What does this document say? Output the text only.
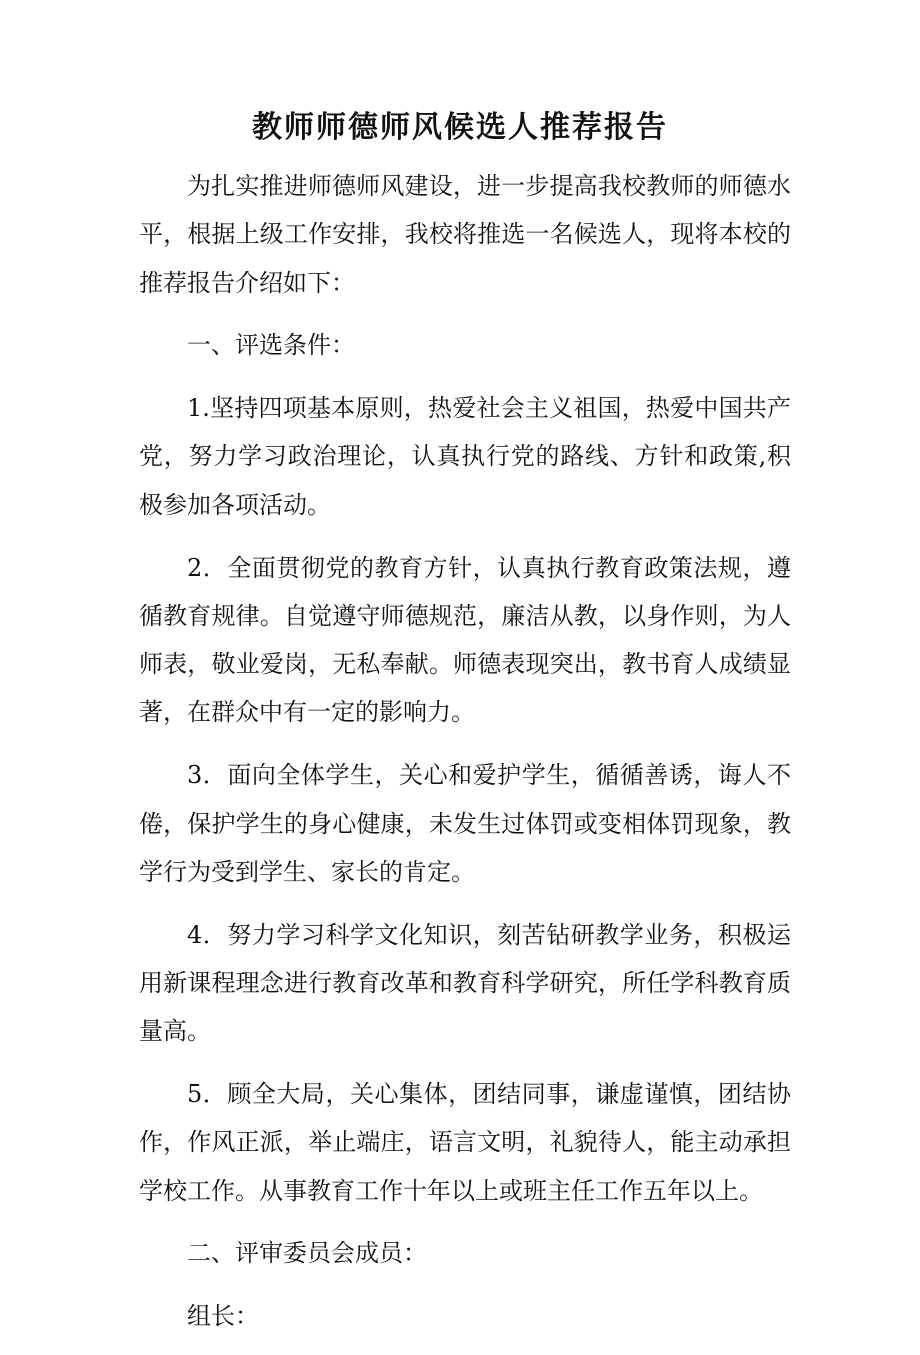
教师师德师风候选人推荐报告

为扎实推进师德师风建设，进一步提高我校教师的师德水平，根据上级工作安排，我校将推选一名候选人，现将本校的推荐报告介绍如下：

一、评选条件：

1.坚持四项基本原则，热爱社会主义祖国，热爱中国共产党，努力学习政治理论，认真执行党的路线、方针和政策,积极参加各项活动。

2．全面贯彻党的教育方针，认真执行教育政策法规，遵循教育规律。自觉遵守师德规范，廉洁从教，以身作则，为人师表，敬业爱岗，无私奉献。师德表现突出，教书育人成绩显著，在群众中有一定的影响力。

3．面向全体学生，关心和爱护学生，循循善诱，诲人不倦，保护学生的身心健康，未发生过体罚或变相体罚现象，教学行为受到学生、家长的肯定。

4．努力学习科学文化知识，刻苦钻研教学业务，积极运用新课程理念进行教育改革和教育科学研究，所任学科教育质量高。

5．顾全大局，关心集体，团结同事，谦虚谨慎，团结协作，作风正派，举止端庄，语言文明，礼貌待人，能主动承担学校工作。从事教育工作十年以上或班主任工作五年以上。

二、评审委员会成员：

组长：
